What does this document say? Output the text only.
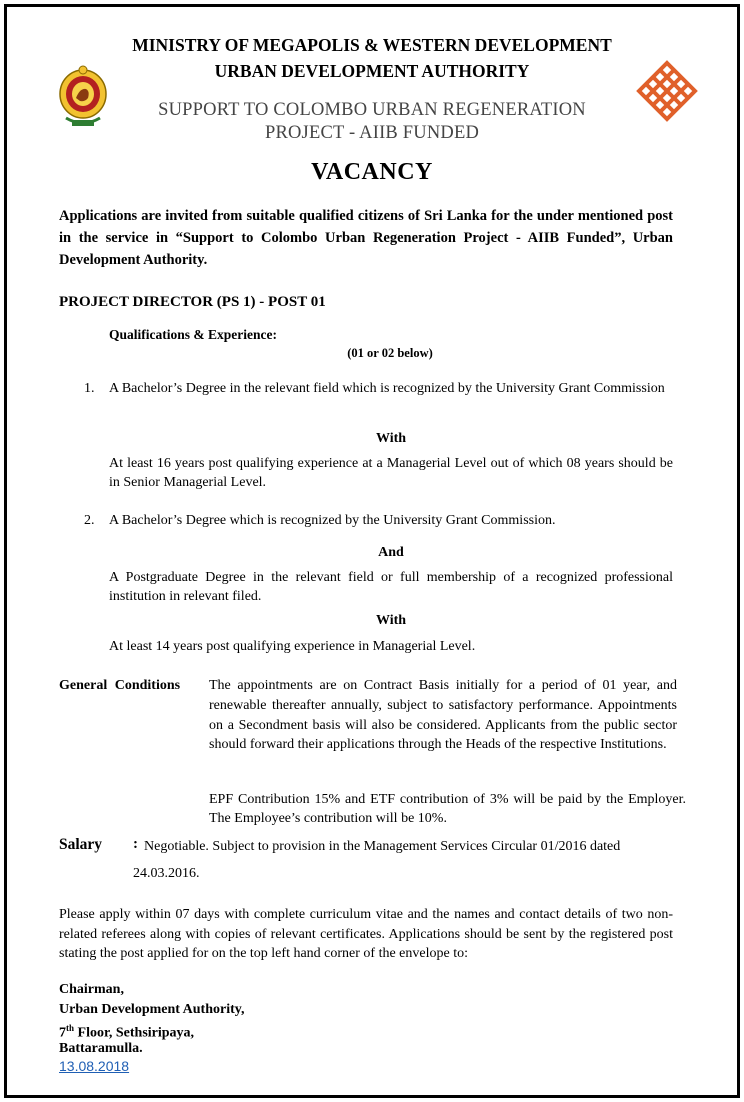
MINISTRY OF MEGAPOLIS & WESTERN DEVELOPMENT
URBAN DEVELOPMENT AUTHORITY
SUPPORT TO COLOMBO URBAN REGENERATION
PROJECT - AIIB FUNDED
VACANCY
Applications are invited from suitable qualified citizens of Sri Lanka for the under mentioned post in the service in “Support to Colombo Urban Regeneration Project - AIIB Funded”, Urban Development Authority.
PROJECT DIRECTOR (PS 1) - POST 01
Qualifications & Experience:
(01 or 02 below)
1. A Bachelor’s Degree in the relevant field which is recognized by the University Grant Commission
With
At least 16 years post qualifying experience at a Managerial Level out of which 08 years should be in Senior Managerial Level.
2. A Bachelor’s Degree which is recognized by the University Grant Commission.
And
A Postgraduate Degree in the relevant field or full membership of a recognized professional institution in relevant filed.
With
At least 14 years post qualifying experience in Managerial Level.
General Conditions The appointments are on Contract Basis initially for a period of 01 year, and renewable thereafter annually, subject to satisfactory performance. Appointments on a Secondment basis will also be considered. Applicants from the public sector should forward their applications through the Heads of the respective Institutions.
EPF Contribution 15% and ETF contribution of 3% will be paid by the Employer. The Employee’s contribution will be 10%.
Salary : Negotiable. Subject to provision in the Management Services Circular 01/2016 dated
24.03.2016.
Please apply within 07 days with complete curriculum vitae and the names and contact details of two non-related referees along with copies of relevant certificates. Applications should be sent by the registered post stating the post applied for on the top left hand corner of the envelope to:
Chairman,
Urban Development Authority,
7th Floor, Sethsiripaya,
Battaramulla.
13.08.2018
